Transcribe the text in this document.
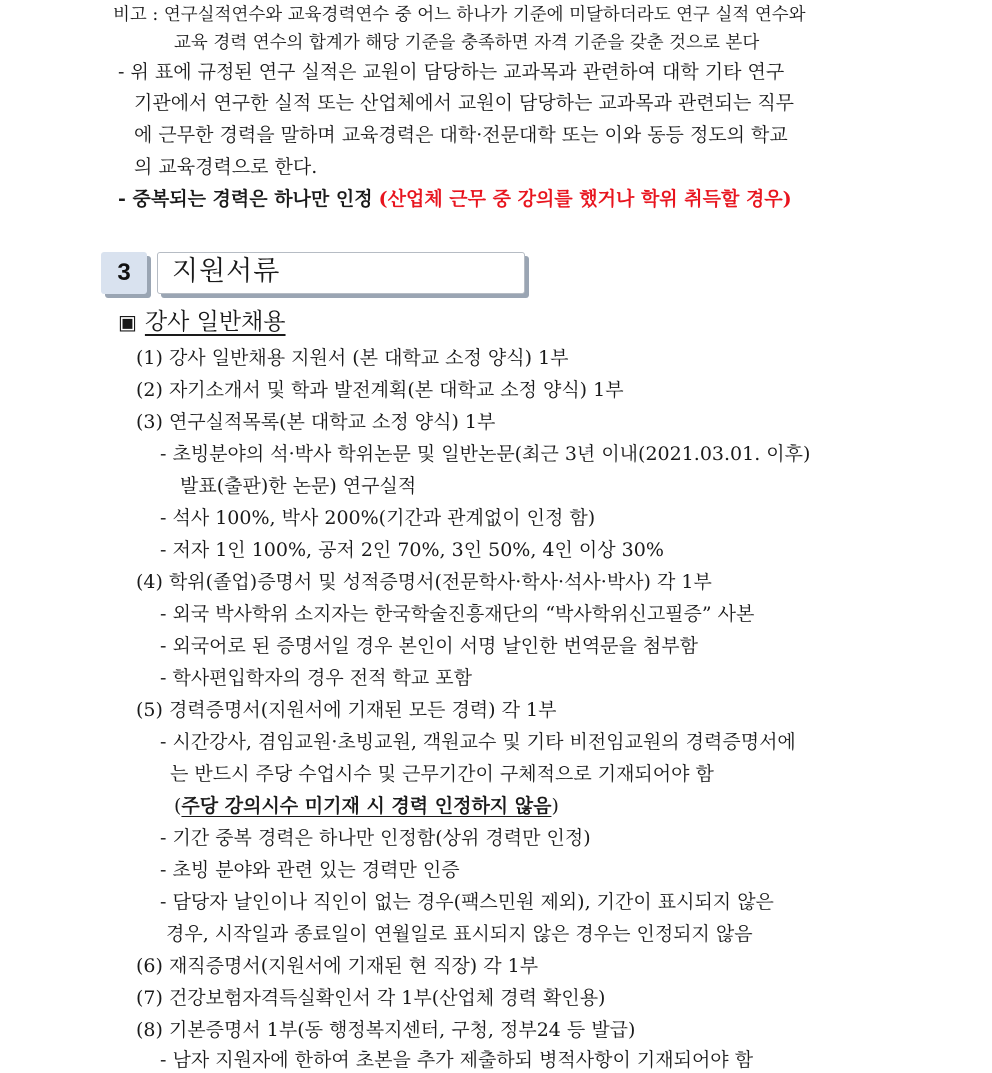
비고 : 연구실적연수와 교육경력연수 중 어느 하나가 기준에 미달하더라도 연구 실적 연수와
교육 경력 연수의 합계가 해당 기준을 충족하면 자격 기준을 갖춘 것으로 본다
- 위 표에 규정된 연구 실적은 교원이 담당하는 교과목과 관련하여 대학 기타 연구
기관에서 연구한 실적 또는 산업체에서 교원이 담당하는 교과목과 관련되는 직무
에 근무한 경력을 말하며 교육경력은 대학·전문대학 또는 이와 동등 정도의 학교
의 교육경력으로 한다.
- 중복되는 경력은 하나만 인정 (산업체 근무 중 강의를 했거나 학위 취득할 경우)
3	지원서류
▣ 강사 일반채용
(1) 강사 일반채용 지원서 (본 대학교 소정 양식) 1부
(2) 자기소개서 및 학과 발전계획(본 대학교 소정 양식) 1부
(3) 연구실적목록(본 대학교 소정 양식) 1부
- 초빙분야의 석·박사 학위논문 및 일반논문(최근 3년 이내(2021.03.01. 이후)
발표(출판)한 논문) 연구실적
- 석사 100%, 박사 200%(기간과 관계없이 인정 함)
- 저자 1인 100%, 공저 2인 70%, 3인 50%, 4인 이상 30%
(4) 학위(졸업)증명서 및 성적증명서(전문학사·학사·석사·박사) 각 1부
- 외국 박사학위 소지자는 한국학술진흥재단의 “박사학위신고필증” 사본
- 외국어로 된 증명서일 경우 본인이 서명 날인한 번역문을 첨부함
- 학사편입학자의 경우 전적 학교 포함
(5) 경력증명서(지원서에 기재된 모든 경력) 각 1부
- 시간강사, 겸임교원·초빙교원, 객원교수 및 기타 비전임교원의 경력증명서에
는 반드시 주당 수업시수 및 근무기간이 구체적으로 기재되어야 함
(주당 강의시수 미기재 시 경력 인정하지 않음)
- 기간 중복 경력은 하나만 인정함(상위 경력만 인정)
- 초빙 분야와 관련 있는 경력만 인증
- 담당자 날인이나 직인이 없는 경우(팩스민원 제외), 기간이 표시되지 않은
경우, 시작일과 종료일이 연월일로 표시되지 않은 경우는 인정되지 않음
(6) 재직증명서(지원서에 기재된 현 직장) 각 1부
(7) 건강보험자격득실확인서 각 1부(산업체 경력 확인용)
(8) 기본증명서 1부(동 행정복지센터, 구청, 정부24 등 발급)
- 남자 지원자에 한하여 초본을 추가 제출하되 병적사항이 기재되어야 함
